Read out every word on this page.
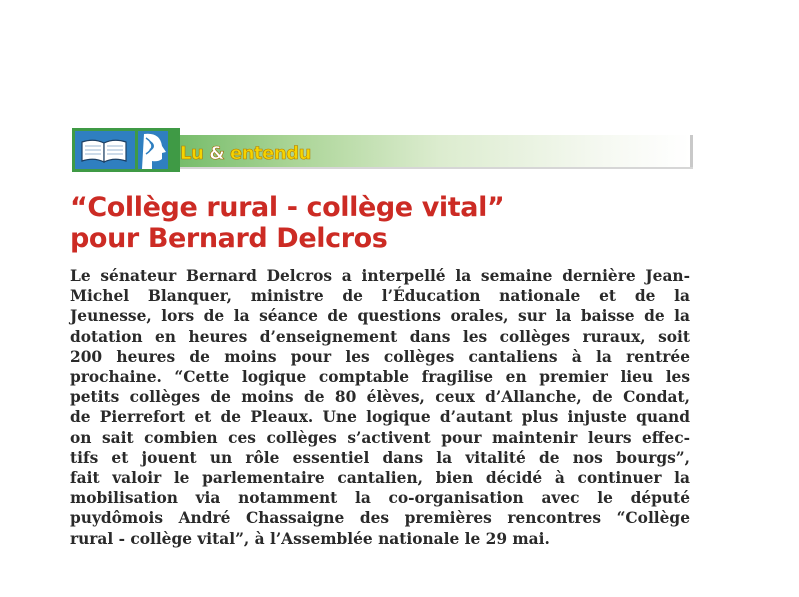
Lu & entendu
“Collège rural - collège vital”
pour Bernard Delcros
Le sénateur Bernard Delcros a interpellé la semaine dernière Jean-
Michel Blanquer, ministre de l’Éducation nationale et de la
Jeunesse, lors de la séance de questions orales, sur la baisse de la
dotation en heures d’enseignement dans les collèges ruraux, soit
200 heures de moins pour les collèges cantaliens à la rentrée
prochaine. “Cette logique comptable fragilise en premier lieu les
petits collèges de moins de 80 élèves, ceux d’Allanche, de Condat,
de Pierrefort et de Pleaux. Une logique d’autant plus injuste quand
on sait combien ces collèges s’activent pour maintenir leurs effec-
tifs et jouent un rôle essentiel dans la vitalité de nos bourgs”,
fait valoir le parlementaire cantalien, bien décidé à continuer la
mobilisation via notamment la co-organisation avec le député
puydômois André Chassaigne des premières rencontres “Collège
rural - collège vital”, à l’Assemblée nationale le 29 mai.
